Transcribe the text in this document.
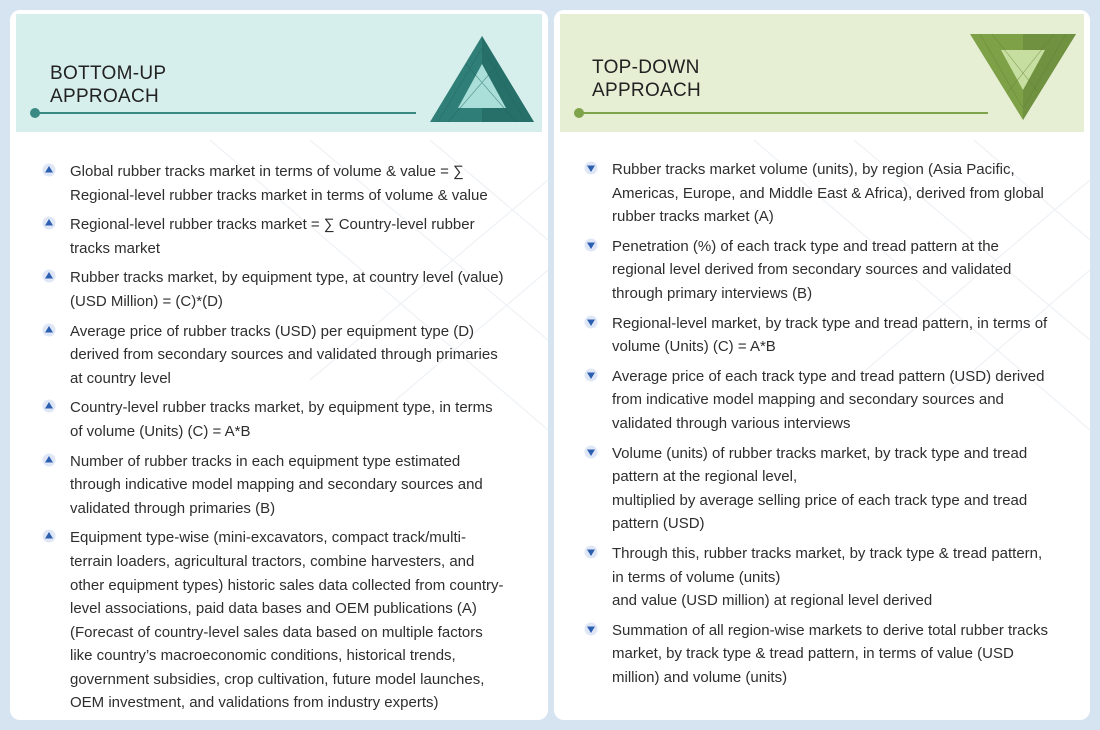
BOTTOM-UP
APPROACH
Global rubber tracks market in terms of volume & value = ∑
Regional-level rubber tracks market in terms of volume & value
Regional-level rubber tracks market = ∑ Country-level rubber
tracks market
Rubber tracks market, by equipment type, at country level (value)
(USD Million) = (C)*(D)
Average price of rubber tracks (USD) per equipment type (D)
derived from secondary sources and validated through primaries
at country level
Country-level rubber tracks market, by equipment type, in terms
of volume (Units) (C) = A*B
Number of rubber tracks in each equipment type estimated
through indicative model mapping and secondary sources and
validated through primaries (B)
Equipment type-wise (mini-excavators, compact track/multi-
terrain loaders, agricultural tractors, combine harvesters, and
other equipment types) historic sales data collected from country-
level associations, paid data bases and OEM publications (A)
(Forecast of country-level sales data based on multiple factors
like country’s macroeconomic conditions, historical trends,
government subsidies, crop cultivation, future model launches,
OEM investment, and validations from industry experts)
TOP-DOWN
APPROACH
Rubber tracks market volume (units), by region (Asia Pacific,
Americas, Europe, and Middle East & Africa), derived from global
rubber tracks market (A)
Penetration (%) of each track type and tread pattern at the
regional level derived from secondary sources and validated
through primary interviews (B)
Regional-level market, by track type and tread pattern, in terms of
volume (Units) (C) = A*B
Average price of each track type and tread pattern (USD) derived
from indicative model mapping and secondary sources and
validated through various interviews
Volume (units) of rubber tracks market, by track type and tread
pattern at the regional level,
multiplied by average selling price of each track type and tread
pattern (USD)
Through this, rubber tracks market, by track type & tread pattern,
in terms of volume (units)
and value (USD million) at regional level derived
Summation of all region-wise markets to derive total rubber tracks
market, by track type & tread pattern, in terms of value (USD
million) and volume (units)
